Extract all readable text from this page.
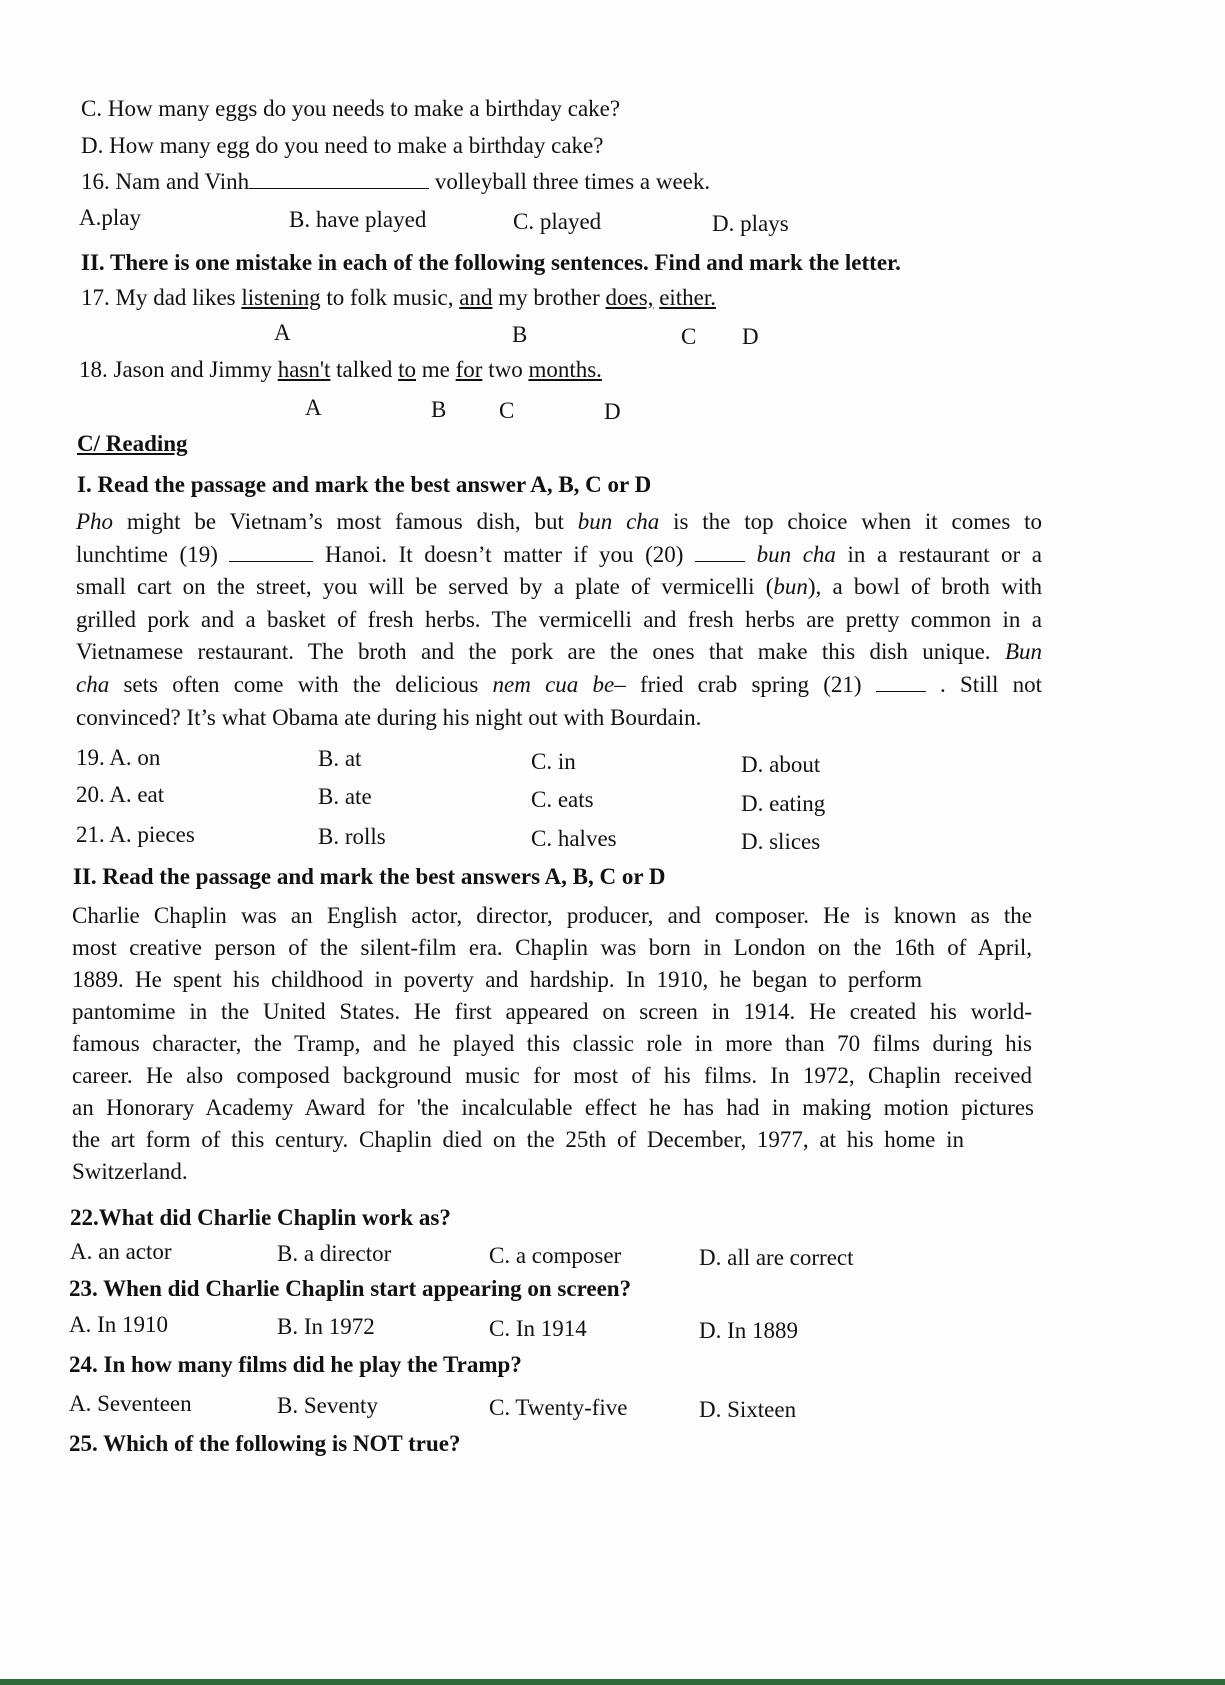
C. How many eggs do you needs to make a birthday cake?
D. How many egg do you need to make a birthday cake?
16. Nam and Vinh	volleyball three times a week.
A.play	B. have played	C. played	D. plays
II. There is one mistake in each of the following sentences. Find and mark the letter.
17. My dad likes listening to folk music, and my brother does, either.
A	B	C D
18. Jason and Jimmy hasn't talked to me for two months.
A	B C	D
C/ Reading
I. Read the passage and mark the best answer A, B, C or D

Pho might be Vietnam’s most famous dish, but bun cha is the top choice when it comes to

lunchtime (19)	Hanoi. It doesn’t matter if you (20)	bun cha in a restaurant or a

small cart on the street, you will be served by a plate of vermicelli (bun), a bowl of broth with

grilled pork and a basket of fresh herbs. The vermicelli and fresh herbs are pretty common in a

Vietnamese restaurant. The broth and the pork are the ones that make this dish unique. Bun

cha sets often come with the delicious nem cua be– fried crab spring (21)  . Still not

convinced? It’s what Obama ate during his night out with Bourdain.

19. A. on	B. at	C. in	D. about
20. A. eat	B. ate	C. eats	D. eating
21. A. pieces	B. rolls	C. halves	D. slices
II. Read the passage and mark the best answers A, B, C or D

Charlie Chaplin was an English actor, director, producer, and composer. He is known as the

most creative person of the silent-film era. Chaplin was born in London on the 16th of April,

1889. He spent his childhood in poverty and hardship. In 1910, he began to perform

pantomime in the United States. He first appeared on screen in 1914. He created his world-

famous character, the Tramp, and he played this classic role in more than 70 films during his

career. He also composed background music for most of his films. In 1972, Chaplin received

an Honorary Academy Award for 'the incalculable effect he has had in making motion pictures

the art form of this century. Chaplin died on the 25th of December, 1977, at his home in

Switzerland.

22.What did Charlie Chaplin work as?
A. an actor	B. a director	C. a composer	D. all are correct
23. When did Charlie Chaplin start appearing on screen?
A. In 1910	B. In 1972	C. In 1914	D. In 1889
24. In how many films did he play the Tramp?
A. Seventeen	B. Seventy	C. Twenty-five	D. Sixteen
25. Which of the following is NOT true?
